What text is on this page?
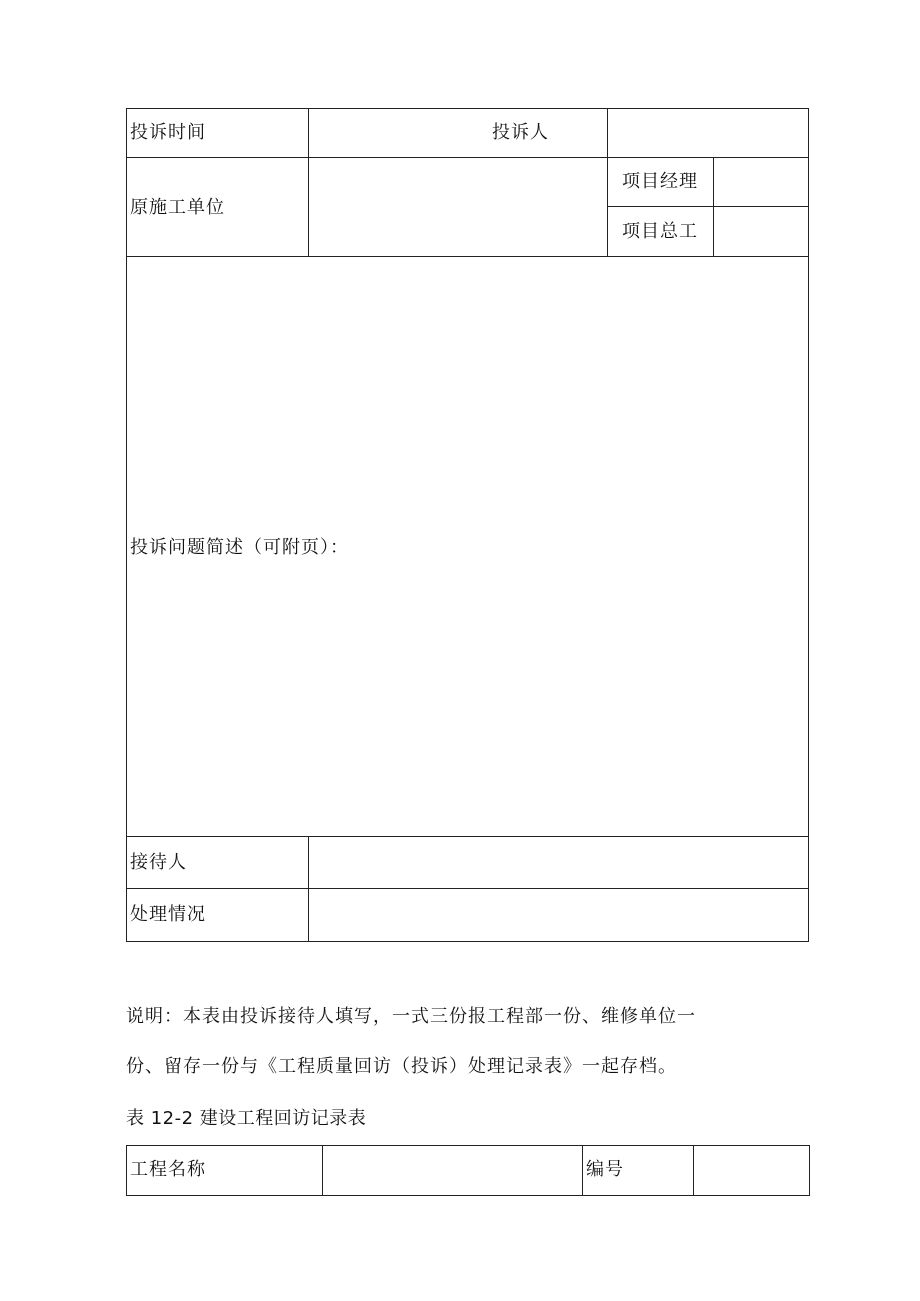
投诉时间	投诉人
原施工单位
项目经理
项目总工
投诉问题简述（可附页）：
接待人
处理情况
说明：本表由投诉接待人填写，一式三份报工程部一份、维修单位一
份、留存一份与《工程质量回访（投诉）处理记录表》一起存档。
表 12-2 建设工程回访记录表
工程名称	编号
